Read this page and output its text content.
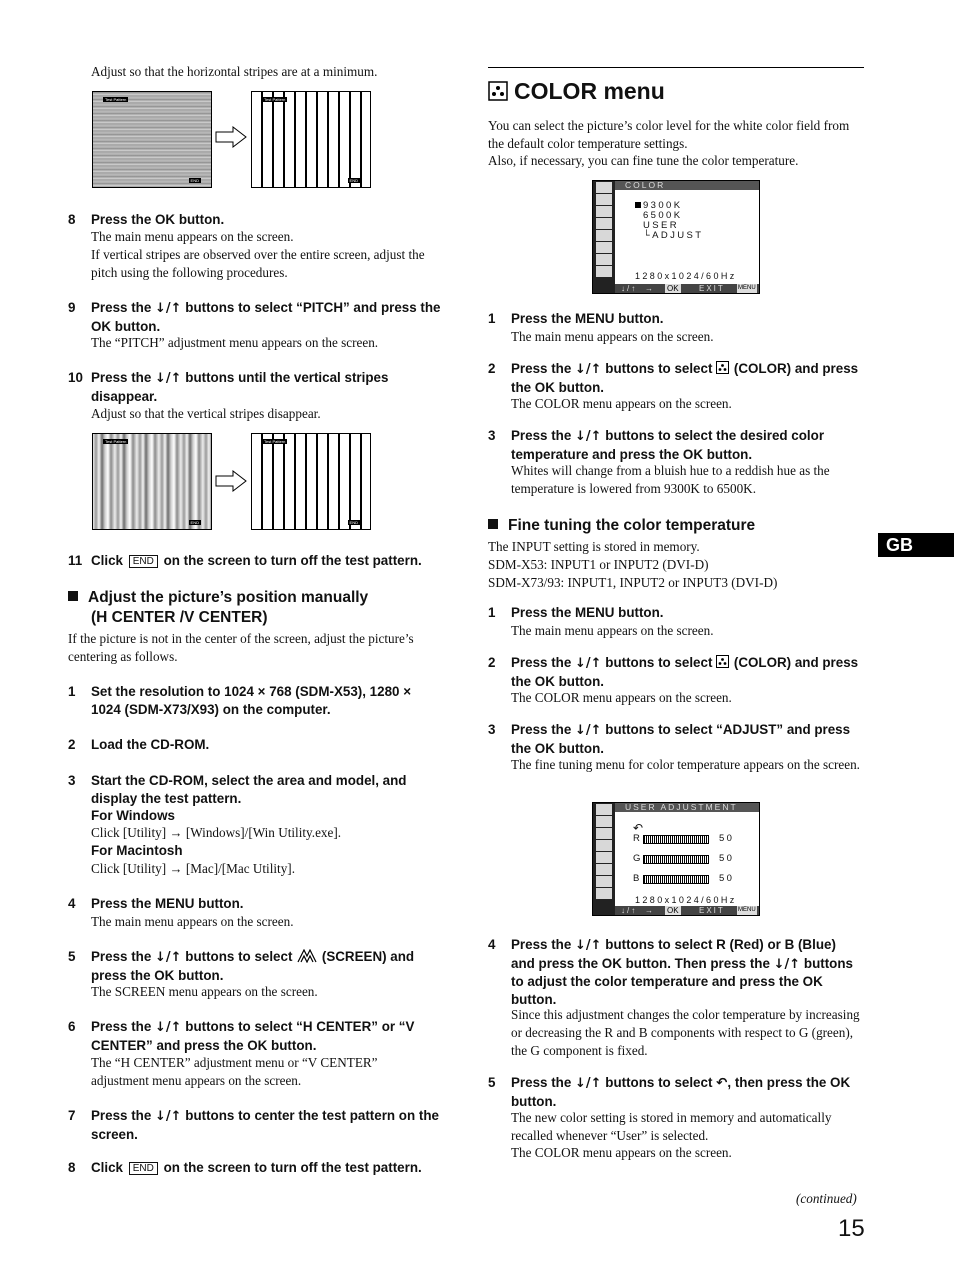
Adjust so that the horizontal stripes are at a minimum.
Test Pattern
END
Test Pattern
END
8 Press the OK button.
The main menu appears on the screen.
If vertical stripes are observed over the entire screen, adjust the pitch using the following procedures.
9 Press the ↓/↑ buttons to select “PITCH” and press the OK button.
The “PITCH” adjustment menu appears on the screen.
10 Press the ↓/↑ buttons until the vertical stripes disappear.
Adjust so that the vertical stripes disappear.
Test Pattern
END
Test Pattern
END
11 Click END on the screen to turn off the test pattern.
Adjust the picture’s position manually
(H CENTER /V CENTER)
If the picture is not in the center of the screen, adjust the picture’s centering as follows.
1 Set the resolution to 1024 × 768 (SDM-X53), 1280 × 1024 (SDM-X73/X93) on the computer.
2 Load the CD-ROM.
3 Start the CD-ROM, select the area and model, and display the test pattern.
For Windows
Click [Utility] → [Windows]/[Win Utility.exe].
For Macintosh
Click [Utility] → [Mac]/[Mac Utility].
4 Press the MENU button.
The main menu appears on the screen.
5 Press the ↓/↑ buttons to select  (SCREEN) and press the OK button.
The SCREEN menu appears on the screen.
6 Press the ↓/↑ buttons to select “H CENTER” or “V CENTER” and press the OK button.
The “H CENTER” adjustment menu or “V CENTER” adjustment menu appears on the screen.
7 Press the ↓/↑ buttons to center the test pattern on the screen.
8 Click END on the screen to turn off the test pattern.
COLOR menu
You can select the picture’s color level for the white color field from the default color temperature settings.
Also, if necessary, you can fine tune the color temperature.
COLOR
9300K
6500K
USER
└ADJUST
1280x1024/60Hz
↓/↑ → OK	EXIT MENU
1 Press the MENU button.
The main menu appears on the screen.
2 Press the ↓/↑ buttons to select  (COLOR) and press the OK button.
The COLOR menu appears on the screen.
3 Press the ↓/↑ buttons to select the desired color temperature and press the OK button.
Whites will change from a bluish hue to a reddish hue as the temperature is lowered from 9300K to 6500K.
Fine tuning the color temperature
The INPUT setting is stored in memory.
SDM-X53: INPUT1 or INPUT2 (DVI-D)
SDM-X73/93: INPUT1, INPUT2 or INPUT3 (DVI-D)
1 Press the MENU button.
The main menu appears on the screen.
2 Press the ↓/↑ buttons to select  (COLOR) and press the OK button.
The COLOR menu appears on the screen.
3 Press the ↓/↑ buttons to select “ADJUST” and press the OK button.
The fine tuning menu for color temperature appears on the screen.
USER ADJUSTMENT
↶
R	50
G	50
B	50
1280x1024/60Hz
↓/↑ → OK	EXIT MENU
4 Press the ↓/↑ buttons to select R (Red) or B (Blue) and press the OK button. Then press the ↓/↑ buttons to adjust the color temperature and press the OK button.
Since this adjustment changes the color temperature by increasing or decreasing the R and B components with respect to G (green), the G component is fixed.
5 Press the ↓/↑ buttons to select ↶, then press the OK button.
The new color setting is stored in memory and automatically recalled whenever “User” is selected.
The COLOR menu appears on the screen.
(continued)
15
GB
